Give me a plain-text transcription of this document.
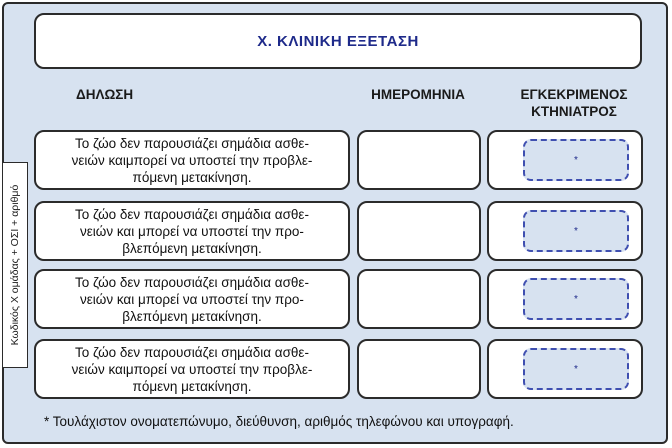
Χ. ΚΛΙΝΙΚΗ ΕΞΕΤΑΣΗ
ΔΗΛΩΣΗ	ΗΜΕΡΟΜΗΝΙΑ	ΕΓΚΕΚΡΙΜΕΝΟΣ
ΚΤΗΝΙΑΤΡΟΣ
Κωδικός Χ ομάδας + ΟΣΙ + αριθμό
Το ζώο δεν παρουσιάζει σημάδια ασθε-
νειών καιμπορεί να υποστεί την προβλε-
πόμενη μετακίνηση.
*
Το ζώο δεν παρουσιάζει σημάδια ασθε-
νειών και μπορεί να υποστεί την προ-
βλεπόμενη μετακίνηση.
*
Το ζώο δεν παρουσιάζει σημάδια ασθε-
νειών και μπορεί να υποστεί την προ-
βλεπόμενη μετακίνηση.
*
Το ζώο δεν παρουσιάζει σημάδια ασθε-
νειών καιμπορεί να υποστεί την προβλε-
πόμενη μετακίνηση.
*
* Τουλάχιστον ονοματεπώνυμο, διεύθυνση, αριθμός τηλεφώνου και υπογραφή.
